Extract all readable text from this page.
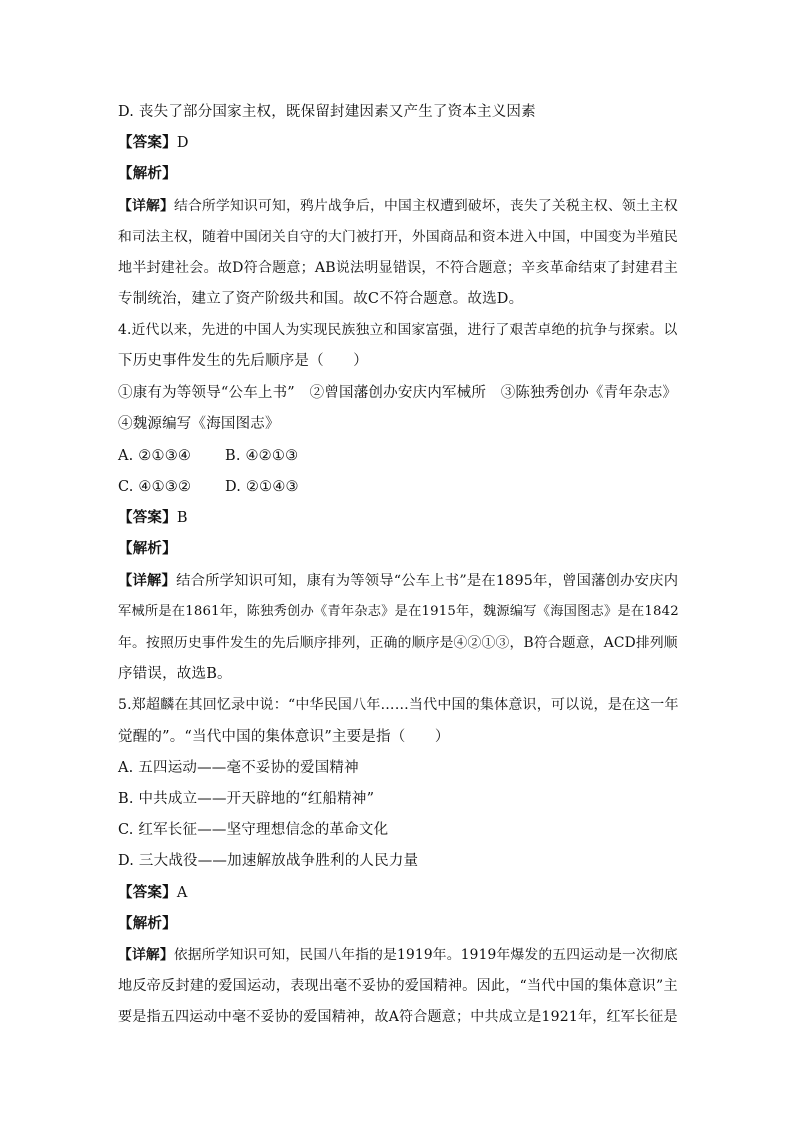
D. 丧失了部分国家主权，既保留封建因素又产生了资本主义因素
【答案】D
【解析】
【详解】结合所学知识可知，鸦片战争后，中国主权遭到破坏，丧失了关税主权、领土主权
和司法主权，随着中国闭关自守的大门被打开，外国商品和资本进入中国，中国变为半殖民
地半封建社会。故D符合题意；AB说法明显错误，不符合题意；辛亥革命结束了封建君主
专制统治，建立了资产阶级共和国。故C不符合题意。故选D。
4.近代以来，先进的中国人为实现民族独立和国家富强，进行了艰苦卓绝的抗争与探索。以
下历史事件发生的先后顺序是（　　）
①康有为等领导“公车上书”　②曾国藩创办安庆内军械所　③陈独秀创办《青年杂志》
④魏源编写《海国图志》
A. ②①③④ B. ④②①③
C. ④①③② D. ②①④③
【答案】B
【解析】
【详解】结合所学知识可知，康有为等领导“公车上书”是在1895年，曾国藩创办安庆内
军械所是在1861年，陈独秀创办《青年杂志》是在1915年，魏源编写《海国图志》是在1842
年。按照历史事件发生的先后顺序排列，正确的顺序是④②①③，B符合题意，ACD排列顺
序错误，故选B。
5.郑超麟在其回忆录中说：“中华民国八年……当代中国的集体意识，可以说，是在这一年
觉醒的”。“当代中国的集体意识”主要是指（　　）
A. 五四运动——毫不妥协的爱国精神
B. 中共成立——开天辟地的“红船精神”
C. 红军长征——坚守理想信念的革命文化
D. 三大战役——加速解放战争胜利的人民力量
【答案】A
【解析】
【详解】依据所学知识可知，民国八年指的是1919年。1919年爆发的五四运动是一次彻底
地反帝反封建的爱国运动，表现出毫不妥协的爱国精神。因此，“当代中国的集体意识”主
要是指五四运动中毫不妥协的爱国精神，故A符合题意；中共成立是1921年，红军长征是
